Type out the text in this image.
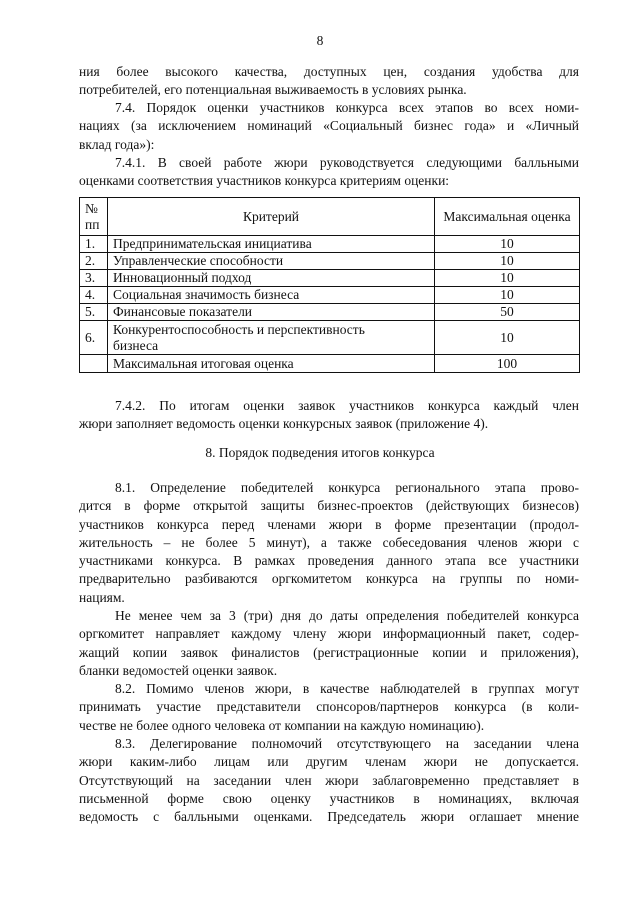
8
ния более высокого качества, доступных цен, создания удобства для
потребителей, его потенциальная выживаемость в условиях рынка.
7.4. Порядок оценки участников конкурса всех этапов во всех номи-
нациях (за исключением номинаций «Социальный бизнес года» и «Личный
вклад года»):
7.4.1. В своей работе жюри руководствуется следующими балльными
оценками соответствия участников конкурса критериям оценки:
№
пп	Критерий	Максимальная оценка
1.	Предпринимательская инициатива	10
2.	Управленческие способности	10
3.	Инновационный подход	10
4.	Социальная значимость бизнеса	10
5.	Финансовые показатели	50
6.	Конкурентоспособность и перспективность
бизнеса	10
	Максимальная итоговая оценка	100
7.4.2. По итогам оценки заявок участников конкурса каждый член
жюри заполняет ведомость оценки конкурсных заявок (приложение 4).
8. Порядок подведения итогов конкурса
8.1. Определение победителей конкурса регионального этапа прово-
дится в форме открытой защиты бизнес-проектов (действующих бизнесов)
участников конкурса перед членами жюри в форме презентации (продол-
жительность – не более 5 минут), а также собеседования членов жюри с
участниками конкурса. В рамках проведения данного этапа все участники
предварительно разбиваются оргкомитетом конкурса на группы по номи-
нациям.
Не менее чем за 3 (три) дня до даты определения победителей конкурса
оргкомитет направляет каждому члену жюри информационный пакет, содер-
жащий копии заявок финалистов (регистрационные копии и приложения),
бланки ведомостей оценки заявок.
8.2. Помимо членов жюри, в качестве наблюдателей в группах могут
принимать участие представители спонсоров/партнеров конкурса (в коли-
честве не более одного человека от компании на каждую номинацию).
8.3. Делегирование полномочий отсутствующего на заседании члена
жюри каким-либо лицам или другим членам жюри не допускается.
Отсутствующий на заседании член жюри заблаговременно представляет в
письменной форме свою оценку участников в номинациях, включая
ведомость с балльными оценками. Председатель жюри оглашает мнение
